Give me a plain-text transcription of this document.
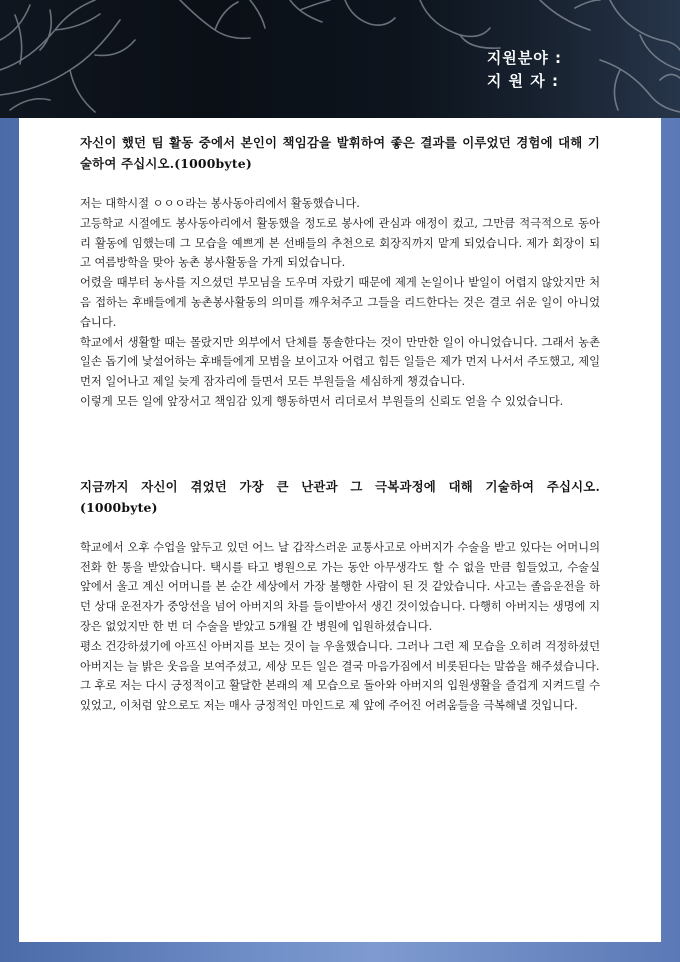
지원분야 :
지 원 자 :
자신이 했던 팀 활동 중에서 본인이 책임감을 발휘하여 좋은 결과를 이루었던 경험에 대해 기술하여 주십시오.(1000byte)

저는 대학시절 ㅇㅇㅇ라는 봉사동아리에서 활동했습니다.

고등학교 시절에도 봉사동아리에서 활동했을 정도로 봉사에 관심과 애정이 컸고, 그만큼 적극적으로 동아리 활동에 임했는데 그 모습을 예쁘게 본 선배들의 추천으로 회장직까지 맡게 되었습니다. 제가 회장이 되고 여름방학을 맞아 농촌 봉사활동을 가게 되었습니다.

어렸을 때부터 농사를 지으셨던 부모님을 도우며 자랐기 때문에 제게 논일이나 밭일이 어렵지 않았지만 처음 접하는 후배들에게 농촌봉사활동의 의미를 깨우쳐주고 그들을 리드한다는 것은 결코 쉬운 일이 아니었습니다.

학교에서 생활할 때는 몰랐지만 외부에서 단체를 통솔한다는 것이 만만한 일이 아니었습니다. 그래서 농촌 일손 돕기에 낯설어하는 후배들에게 모범을 보이고자 어렵고 힘든 일들은 제가 먼저 나서서 주도했고, 제일 먼저 일어나고 제일 늦게 잠자리에 들면서 모든 부원들을 세심하게 챙겼습니다.

이렇게 모든 일에 앞장서고 책임감 있게 행동하면서 리더로서 부원들의 신뢰도 얻을 수 있었습니다.

지금까지 자신이 겪었던 가장 큰 난관과 그 극복과정에 대해 기술하여 주십시오. (1000byte)

학교에서 오후 수업을 앞두고 있던 어느 날 갑작스러운 교통사고로 아버지가 수술을 받고 있다는 어머니의 전화 한 통을 받았습니다. 택시를 타고 병원으로 가는 동안 아무생각도 할 수 없을 만큼 힘들었고, 수술실 앞에서 울고 계신 어머니를 본 순간 세상에서 가장 불행한 사람이 된 것 같았습니다. 사고는 졸음운전을 하던 상대 운전자가 중앙선을 넘어 아버지의 차를 들이받아서 생긴 것이었습니다. 다행히 아버지는 생명에 지장은 없었지만 한 번 더 수술을 받았고 5개월 간 병원에 입원하셨습니다.

평소 건강하셨기에 아프신 아버지를 보는 것이 늘 우울했습니다. 그러나 그런 제 모습을 오히려 걱정하셨던 아버지는 늘 밝은 웃음을 보여주셨고, 세상 모든 일은 결국 마음가짐에서 비롯된다는 말씀을 해주셨습니다.

그 후로 저는 다시 긍정적이고 활달한 본래의 제 모습으로 돌아와 아버지의 입원생활을 즐겁게 지켜드릴 수 있었고, 이처럼 앞으로도 저는 매사 긍정적인 마인드로 제 앞에 주어진 어려움들을 극복해낼 것입니다.
